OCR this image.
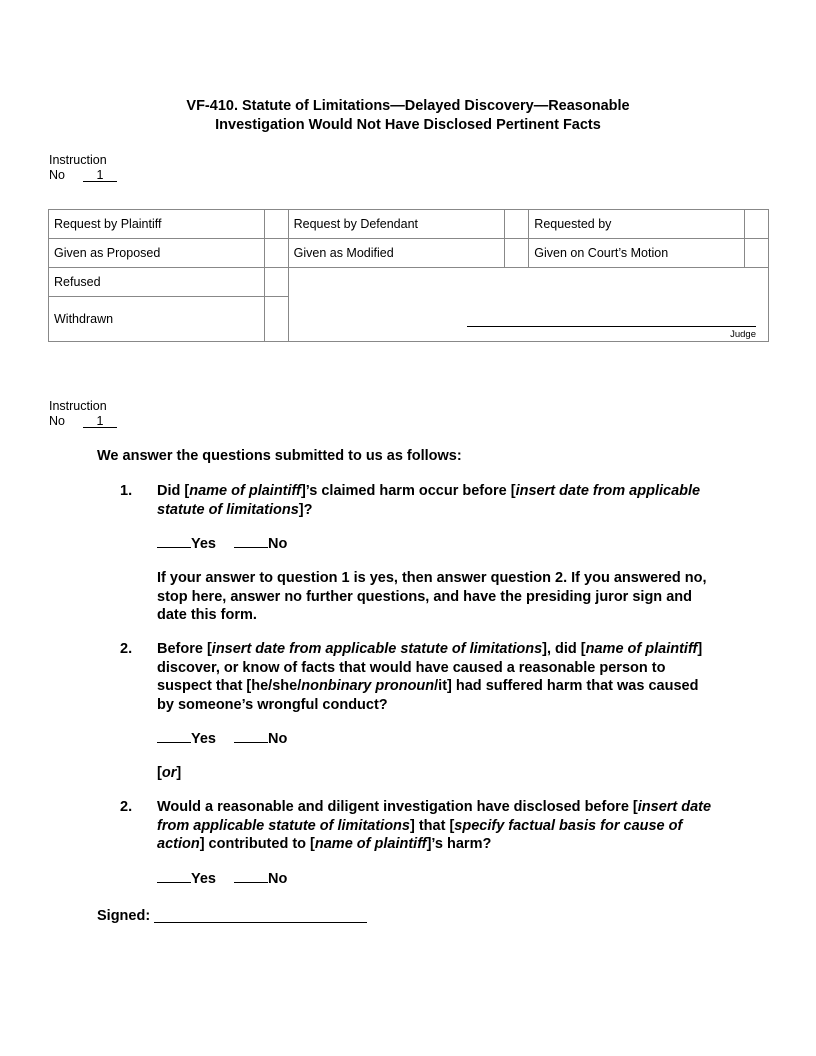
VF-410. Statute of Limitations—Delayed Discovery—Reasonable
Investigation Would Not Have Disclosed Pertinent Facts
Instruction
No	1
Request by Plaintiff		Request by Defendant		Requested by	
Given as Proposed		Given as Modified		Given on Court’s Motion	
Refused		Judge			

Withdrawn					
Instruction
No	1
We answer the questions submitted to us as follows:
1. Did [name of plaintiff]’s claimed harm occur before [insert date from applicable statute of limitations]?
Yes	No
If your answer to question 1 is yes, then answer question 2. If you answered no, stop here, answer no further questions, and have the presiding juror sign and date this form.
2. Before [insert date from applicable statute of limitations], did [name of plaintiff] discover, or know of facts that would have caused a reasonable person to suspect that [he/she/nonbinary pronoun/it] had suffered harm that was caused by someone’s wrongful conduct?
Yes	No
[or]
2. Would a reasonable and diligent investigation have disclosed before [insert date from applicable statute of limitations] that [specify factual basis for cause of action] contributed to [name of plaintiff]’s harm?
Yes	No
Signed:
